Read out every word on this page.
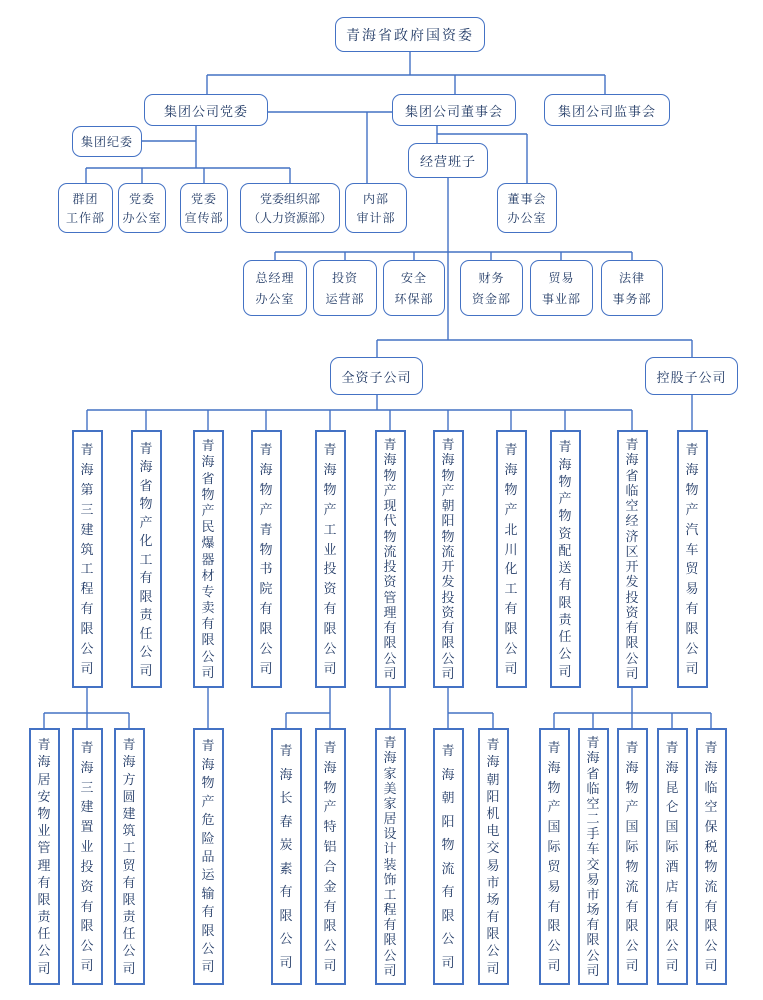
青海省政府国资委
集团公司党委	集团公司董事会	集团公司监事会
集团纪委
经营班子
群团
工作部
党委
办公室
党委
宣传部
党委组织部
（人力资源部）
内部
审计部
董事会
办公室
总经理
办公室
投资
运营部
安全
环保部
财务
资金部
贸易
事业部
法律
事务部
全资子公司	控股子公司
青
海
第
三
建
筑
工
程
有
限
公
司
青
海
省
物
产
化
工
有
限
责
任
公
司
青
海
省
物
产
民
爆
器
材
专
卖
有
限
公
司
青
海
物
产
青
物
书
院
有
限
公
司
青
海
物
产
工
业
投
资
有
限
公
司
青
海
物
产
现
代
物
流
投
资
管
理
有
限
公
司
青
海
物
产
朝
阳
物
流
开
发
投
资
有
限
公
司
青
海
物
产
北
川
化
工
有
限
公
司
青
海
物
产
物
资
配
送
有
限
责
任
公
司
青
海
省
临
空
经
济
区
开
发
投
资
有
限
公
司
青
海
物
产
汽
车
贸
易
有
限
公
司
青
海
居
安
物
业
管
理
有
限
责
任
公
司
青
海
三
建
置
业
投
资
有
限
公
司
青
海
方
圆
建
筑
工
贸
有
限
责
任
公
司
青
海
物
产
危
险
品
运
输
有
限
公
司
青
海
长
春
炭
素
有
限
公
司
青
海
物
产
特
铝
合
金
有
限
公
司
青
海
家
美
家
居
设
计
装
饰
工
程
有
限
公
司
青
海
朝
阳
物
流
有
限
公
司
青
海
朝
阳
机
电
交
易
市
场
有
限
公
司
青
海
物
产
国
际
贸
易
有
限
公
司
青
海
省
临
空
二
手
车
交
易
市
场
有
限
公
司
青
海
物
产
国
际
物
流
有
限
公
司
青
海
昆
仑
国
际
酒
店
有
限
公
司
青
海
临
空
保
税
物
流
有
限
公
司
